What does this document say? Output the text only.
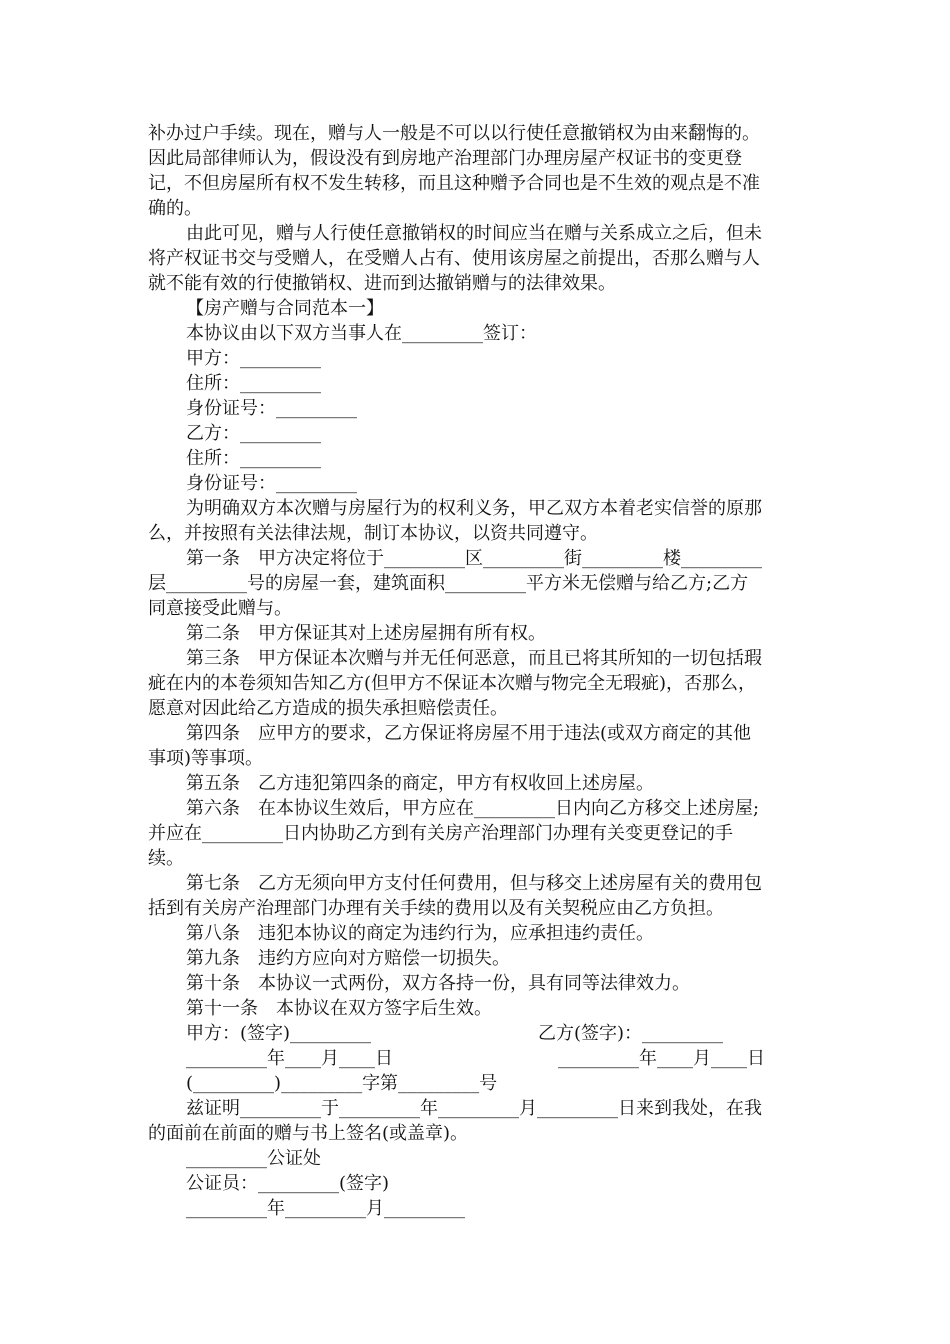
补办过户手续。现在，赠与人一般是不可以以行使任意撤销权为由来翻悔的。
因此局部律师认为，假设没有到房地产治理部门办理房屋产权证书的变更登
记，不但房屋所有权不发生转移，而且这种赠予合同也是不生效的观点是不准
确的。
由此可见，赠与人行使任意撤销权的时间应当在赠与关系成立之后，但未
将产权证书交与受赠人，在受赠人占有、使用该房屋之前提出，否那么赠与人
就不能有效的行使撤销权、进而到达撤销赠与的法律效果。
【房产赠与合同范本一】
本协议由以下双方当事人在_________签订：
甲方：_________
住所：_________
身份证号：_________
乙方：_________
住所：_________
身份证号：_________
为明确双方本次赠与房屋行为的权利义务，甲乙双方本着老实信誉的原那
么，并按照有关法律法规，制订本协议，以资共同遵守。
第一条　甲方决定将位于_________区_________街_________楼_________
层_________号的房屋一套，建筑面积_________平方米无偿赠与给乙方;乙方
同意接受此赠与。
第二条　甲方保证其对上述房屋拥有所有权。
第三条　甲方保证本次赠与并无任何恶意，而且已将其所知的一切包括瑕
疵在内的本卷须知告知乙方(但甲方不保证本次赠与物完全无瑕疵)，否那么，
愿意对因此给乙方造成的损失承担赔偿责任。
第四条　应甲方的要求，乙方保证将房屋不用于违法(或双方商定的其他
事项)等事项。
第五条　乙方违犯第四条的商定，甲方有权收回上述房屋。
第六条　在本协议生效后，甲方应在_________日内向乙方移交上述房屋;
并应在_________日内协助乙方到有关房产治理部门办理有关变更登记的手
续。
第七条　乙方无须向甲方支付任何费用，但与移交上述房屋有关的费用包
括到有关房产治理部门办理有关手续的费用以及有关契税应由乙方负担。
第八条　违犯本协议的商定为违约行为，应承担违约责任。
第九条　违约方应向对方赔偿一切损失。
第十条　本协议一式两份，双方各持一份，具有同等法律效力。
第十一条　本协议在双方签字后生效。
甲方：(签字)_________	乙方(签字)：_________
_________年____月____日	_________年____月____日
(_________)_________字第_________号
兹证明_________于_________年_________月_________日来到我处，在我
的面前在前面的赠与书上签名(或盖章)。
_________公证处
公证员：_________(签字)
_________年_________月_________
